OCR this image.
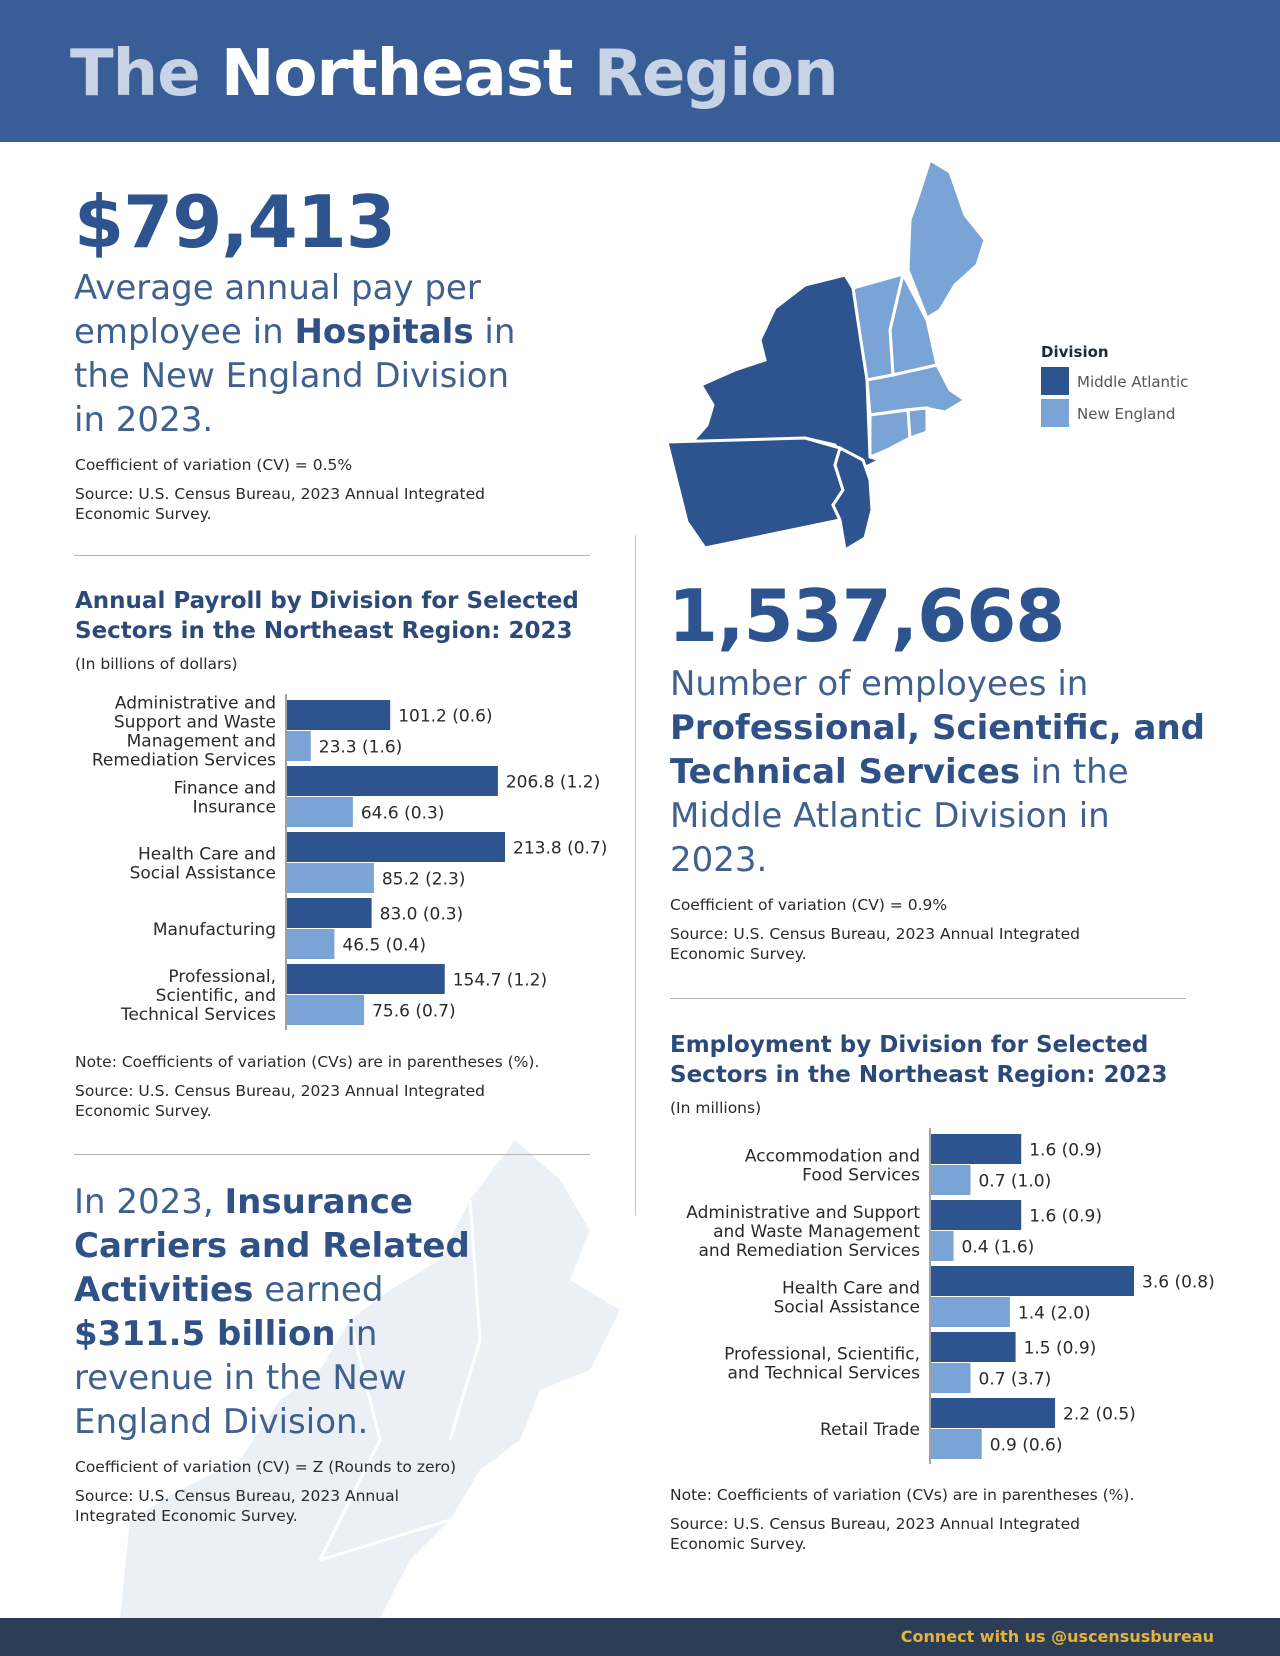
The Northeast Region

$79,413

Average annual pay per
employee in Hospitals in
the New England Division
in 2023.

Coefficient of variation (CV) = 0.5%

Source: U.S. Census Bureau, 2023 Annual Integrated
Economic Survey.

Division
Middle Atlantic
New England

Annual Payroll by Division for Selected
Sectors in the Northeast Region: 2023

(In billions of dollars)

Administrative and Support and Waste Management and Remediation Services
101.2 (0.6)
23.3 (1.6)
Finance and Insurance
206.8 (1.2)
64.6 (0.3)
Health Care and Social Assistance
213.8 (0.7)
85.2 (2.3)
Manufacturing
83.0 (0.3)
46.5 (0.4)
Professional, Scientific, and Technical Services
154.7 (1.2)
75.6 (0.7)

Note: Coefficients of variation (CVs) are in parentheses (%).

Source: U.S. Census Bureau, 2023 Annual Integrated
Economic Survey.

In 2023, Insurance
Carriers and Related
Activities earned
$311.5 billion in
revenue in the New
England Division.

Coefficient of variation (CV) = Z (Rounds to zero)

Source: U.S. Census Bureau, 2023 Annual
Integrated Economic Survey.

1,537,668

Number of employees in
Professional, Scientific, and
Technical Services in the
Middle Atlantic Division in
2023.

Coefficient of variation (CV) = 0.9%

Source: U.S. Census Bureau, 2023 Annual Integrated
Economic Survey.

Employment by Division for Selected
Sectors in the Northeast Region: 2023

(In millions)

Accommodation and Food Services
1.6 (0.9)
0.7 (1.0)
Administrative and Support and Waste Management and Remediation Services
1.6 (0.9)
0.4 (1.6)
Health Care and Social Assistance
3.6 (0.8)
1.4 (2.0)
Professional, Scientific, and Technical Services
1.5 (0.9)
0.7 (3.7)
Retail Trade
2.2 (0.5)
0.9 (0.6)

Note: Coefficients of variation (CVs) are in parentheses (%).

Source: U.S. Census Bureau, 2023 Annual Integrated
Economic Survey.

Connect with us @uscensusbureau
